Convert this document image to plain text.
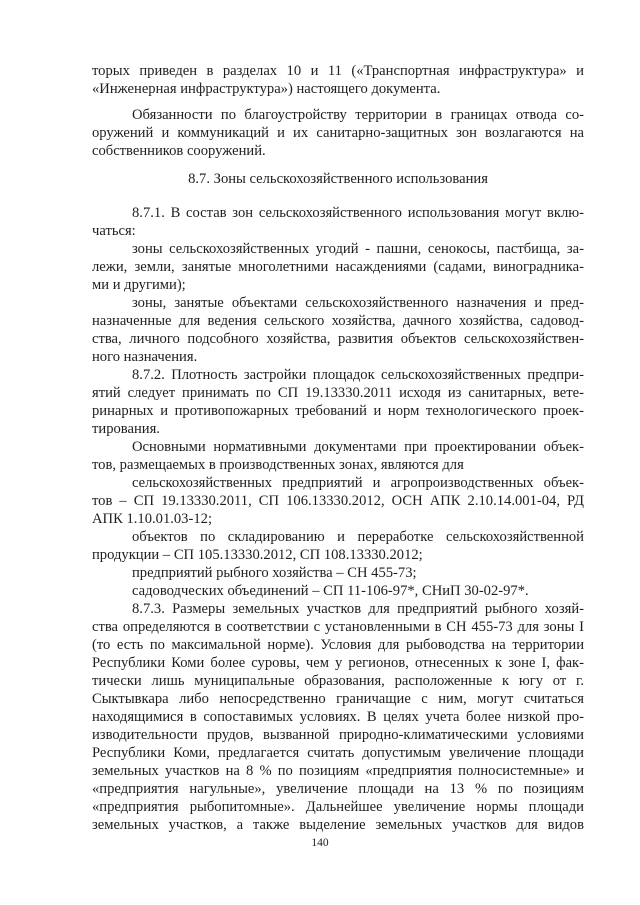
торых приведен в разделах 10 и 11 («Транспортная инфраструктура» и
«Инженерная инфраструктура») настоящего документа.
Обязанности по благоустройству территории в границах отвода со-
оружений и коммуникаций и их санитарно-защитных зон возлагаются на
собственников сооружений.
8.7. Зоны сельскохозяйственного использования
8.7.1. В состав зон сельскохозяйственного использования могут вклю-
чаться:
зоны сельскохозяйственных угодий - пашни, сенокосы, пастбища, за-
лежи, земли, занятые многолетними насаждениями (садами, виноградника-
ми и другими);
зоны, занятые объектами сельскохозяйственного назначения и пред-
назначенные для ведения сельского хозяйства, дачного хозяйства, садовод-
ства, личного подсобного хозяйства, развития объектов сельскохозяйствен-
ного назначения.
8.7.2. Плотность застройки площадок сельскохозяйственных предпри-
ятий следует принимать по СП 19.13330.2011 исходя из санитарных, вете-
ринарных и противопожарных требований и норм технологического проек-
тирования.
Основными нормативными документами при проектировании объек-
тов, размещаемых в производственных зонах, являются для
сельскохозяйственных предприятий и агропроизводственных объек-
тов – СП 19.13330.2011, СП 106.13330.2012, ОСН АПК 2.10.14.001-04, РД
АПК 1.10.01.03-12;
объектов по складированию и переработке сельскохозяйственной
продукции – СП 105.13330.2012, СП 108.13330.2012;
предприятий рыбного хозяйства – СН 455-73;
садоводческих объединений – СП 11-106-97*, СНиП 30-02-97*.
8.7.3. Размеры земельных участков для предприятий рыбного хозяй-
ства определяются в соответствии с установленными в СН 455-73 для зоны I
(то есть по максимальной норме). Условия для рыбоводства на территории
Республики Коми более суровы, чем у регионов, отнесенных к зоне I, фак-
тически лишь муниципальные образования, расположенные к югу от г.
Сыктывкара либо непосредственно граничащие с ним, могут считаться
находящимися в сопоставимых условиях. В целях учета более низкой про-
изводительности прудов, вызванной природно-климатическими условиями
Республики Коми, предлагается считать допустимым увеличение площади
земельных участков на 8 % по позициям «предприятия полносистемные» и
«предприятия нагульные», увеличение площади на 13 % по позициям
«предприятия рыбопитомные». Дальнейшее увеличение нормы площади
земельных участков, а также выделение земельных участков для видов
140
